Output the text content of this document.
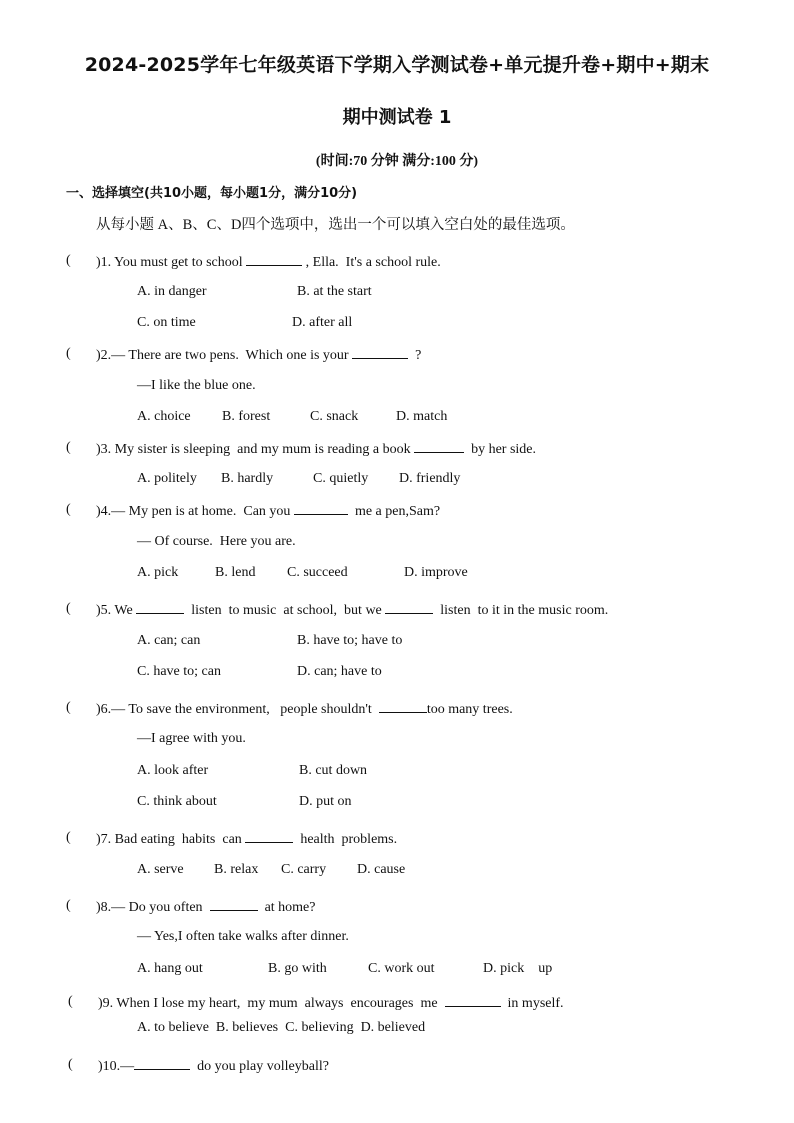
2024-2025学年七年级英语下学期入学测试卷+单元提升卷+期中+期末
期中测试卷 1
(时间:70 分钟 满分:100 分)
一、选择填空(共10小题，每小题1分，满分10分)
从每小题 A、B、C、D四个选项中，选出一个可以填入空白处的最佳选项。
( )1. You must get to school	, Ella.  It's a school rule.
A. in danger	B. at the start
C. on time	D. after all
( )2.— There are two pens.  Which one is your	?
—I like the blue one.
A. choice B. forest	C. snack	D. match
( )3. My sister is sleeping  and my mum is reading a book	by her side.
A. politely B. hardly	C. quietly D. friendly
( )4.— My pen is at home.  Can you	me a pen,Sam?
— Of course.  Here you are.
A. pick	B. lend C. succeed	D. improve
( )5. We	listen  to music  at school,  but we	listen  to it in the music room.
A. can; can	B. have to; have to
C. have to; can	D. can; have to
( )6.— To save the environment,   people shouldn't	too many trees.
—I agree with you.
A. look after	B. cut down
C. think about	D. put on
( )7. Bad eating  habits  can	health  problems.
A. serve B. relax C. carry D. cause
( )8.— Do you often	at home?
— Yes,I often take walks after dinner.
A. hang out	B. go with	C. work out	D. pick    up
( )9. When I lose my heart,  my mum  always  encourages  me	in myself.
A. to believe  B. believes  C. believing  D. believed
( )10.—	do you play volleyball?
